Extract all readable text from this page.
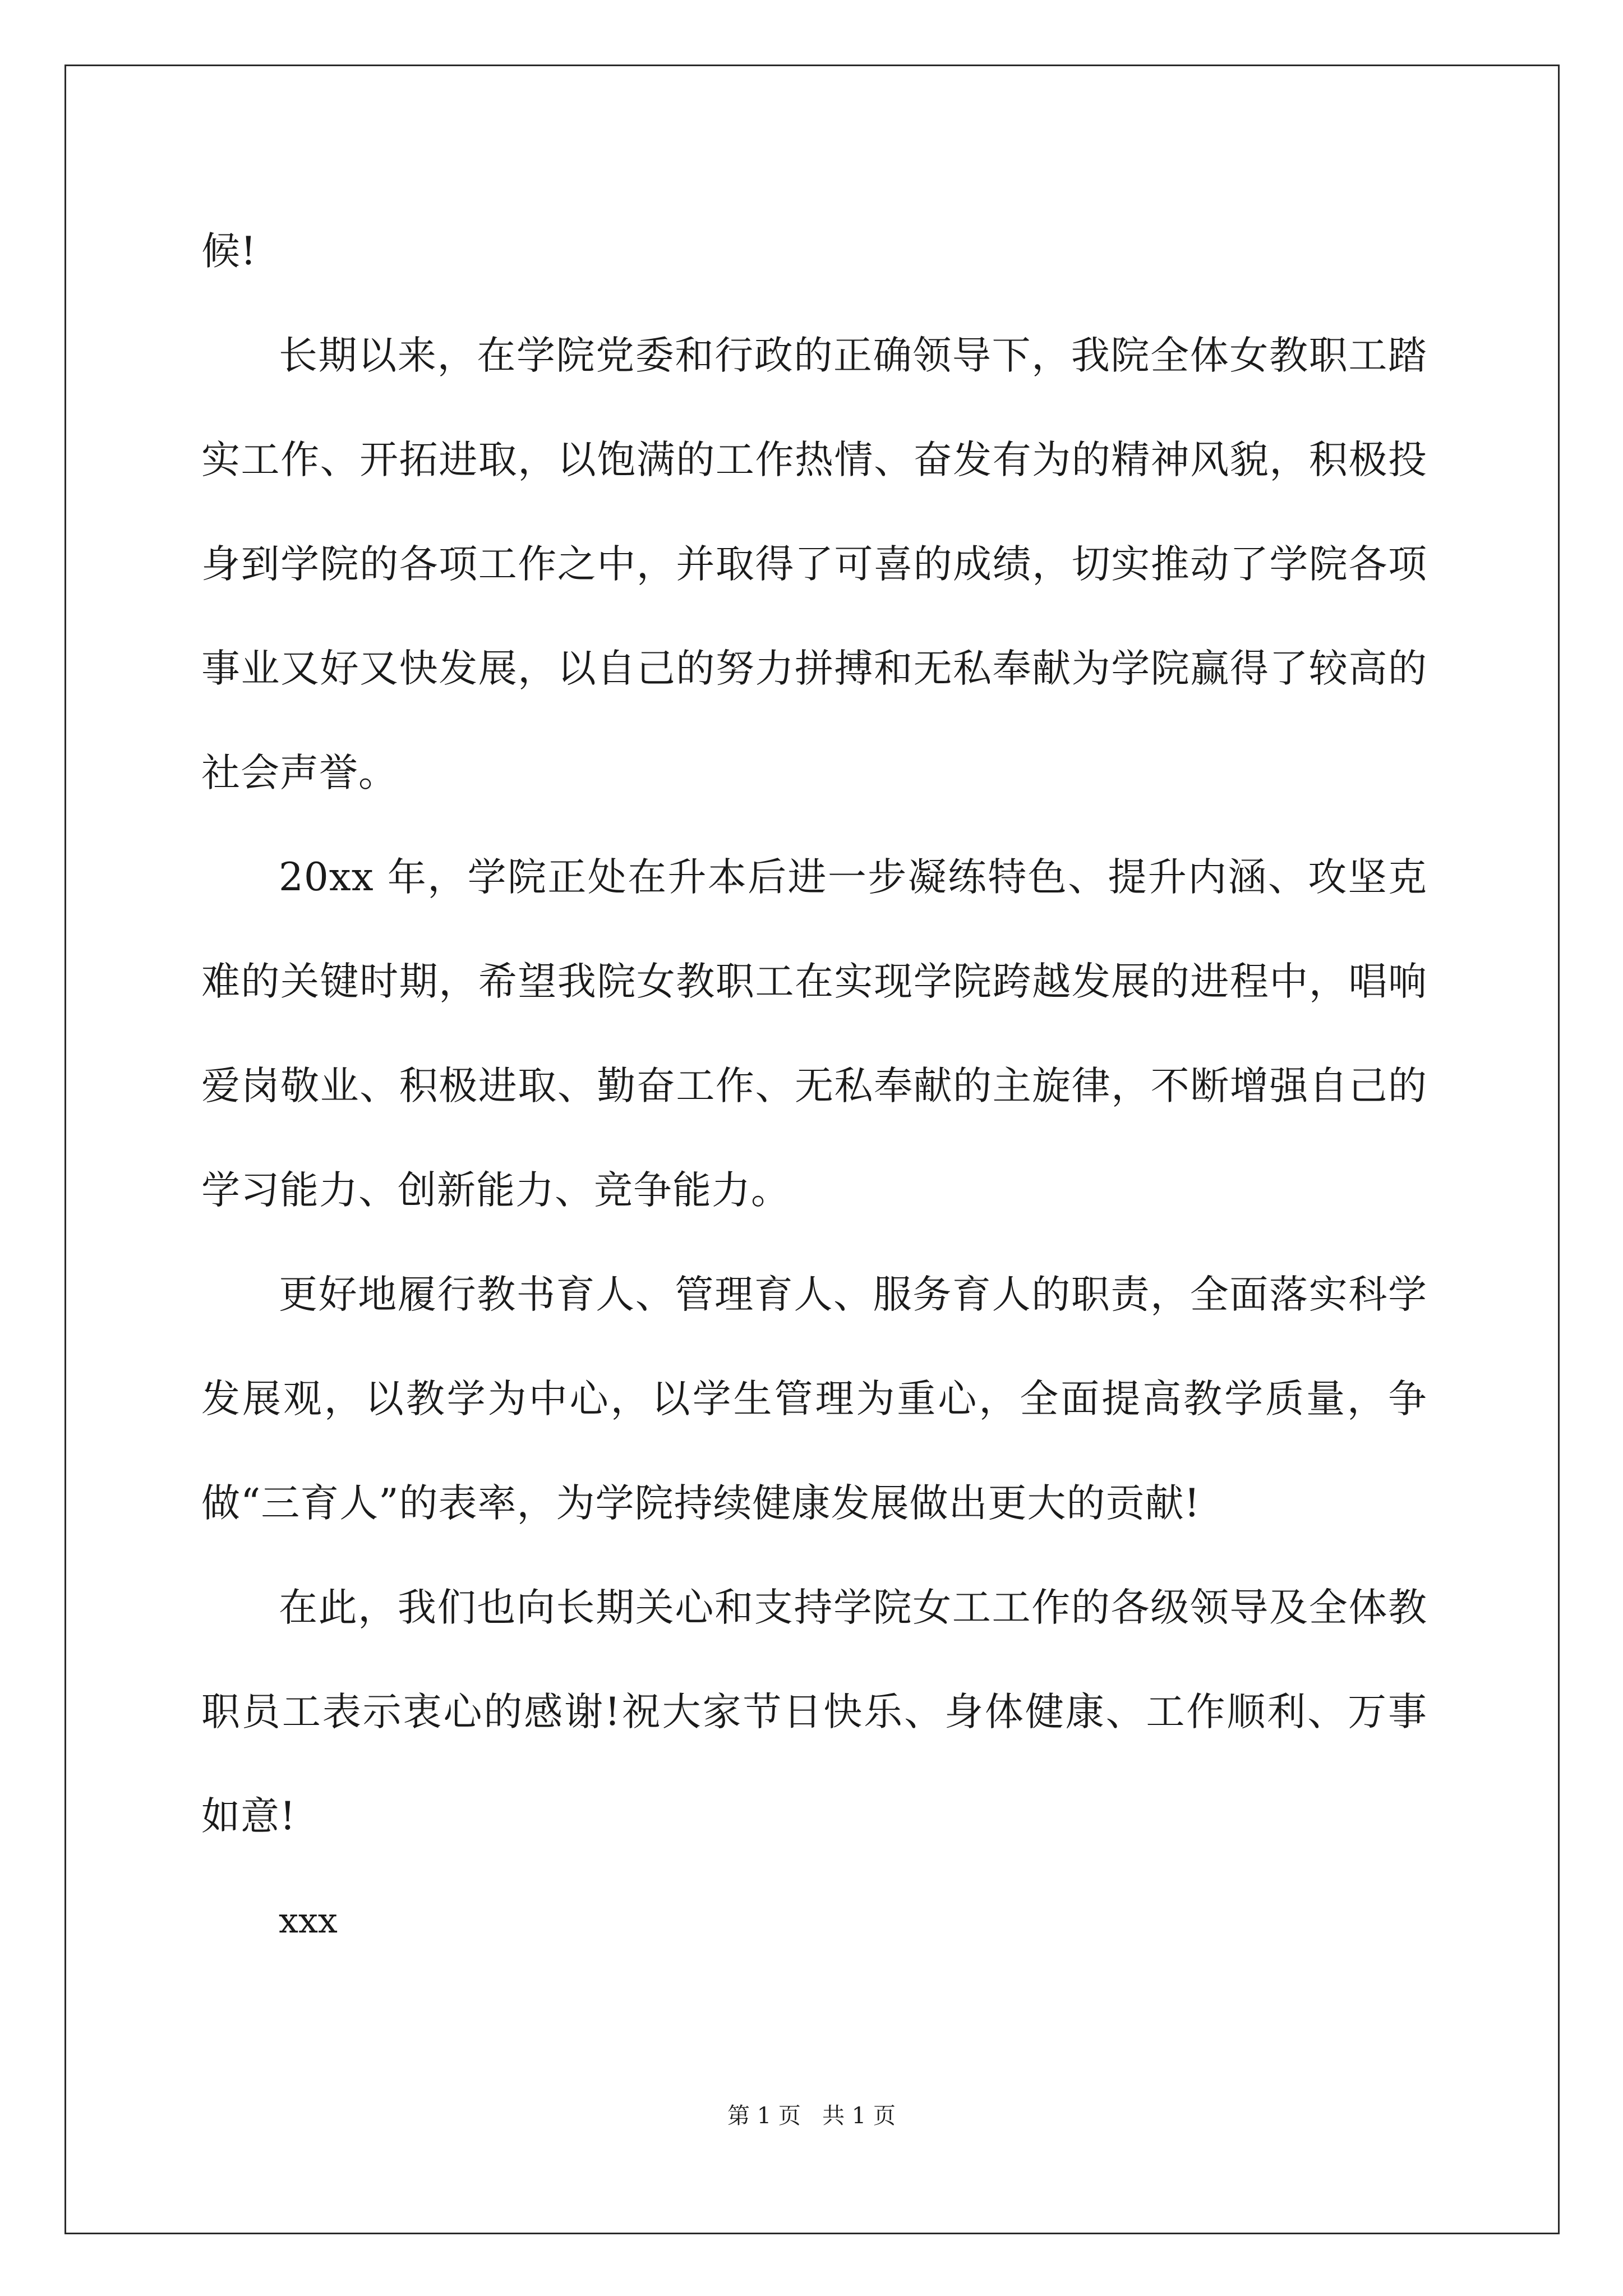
候!

长期以来，在学院党委和行政的正确领导下，我院全体女教职工踏实工作、开拓进取，以饱满的工作热情、奋发有为的精神风貌，积极投身到学院的各项工作之中，并取得了可喜的成绩，切实推动了学院各项事业又好又快发展，以自己的努力拼搏和无私奉献为学院赢得了较高的社会声誉。

20xx 年，学院正处在升本后进一步凝练特色、提升内涵、攻坚克难的关键时期，希望我院女教职工在实现学院跨越发展的进程中，唱响爱岗敬业、积极进取、勤奋工作、无私奉献的主旋律，不断增强自己的学习能力、创新能力、竞争能力。

更好地履行教书育人、管理育人、服务育人的职责，全面落实科学发展观，以教学为中心，以学生管理为重心，全面提高教学质量，争做“三育人”的表率，为学院持续健康发展做出更大的贡献!

在此，我们也向长期关心和支持学院女工工作的各级领导及全体教职员工表示衷心的感谢!祝大家节日快乐、身体健康、工作顺利、万事如意!

xxx

第 1 页   共 1 页
